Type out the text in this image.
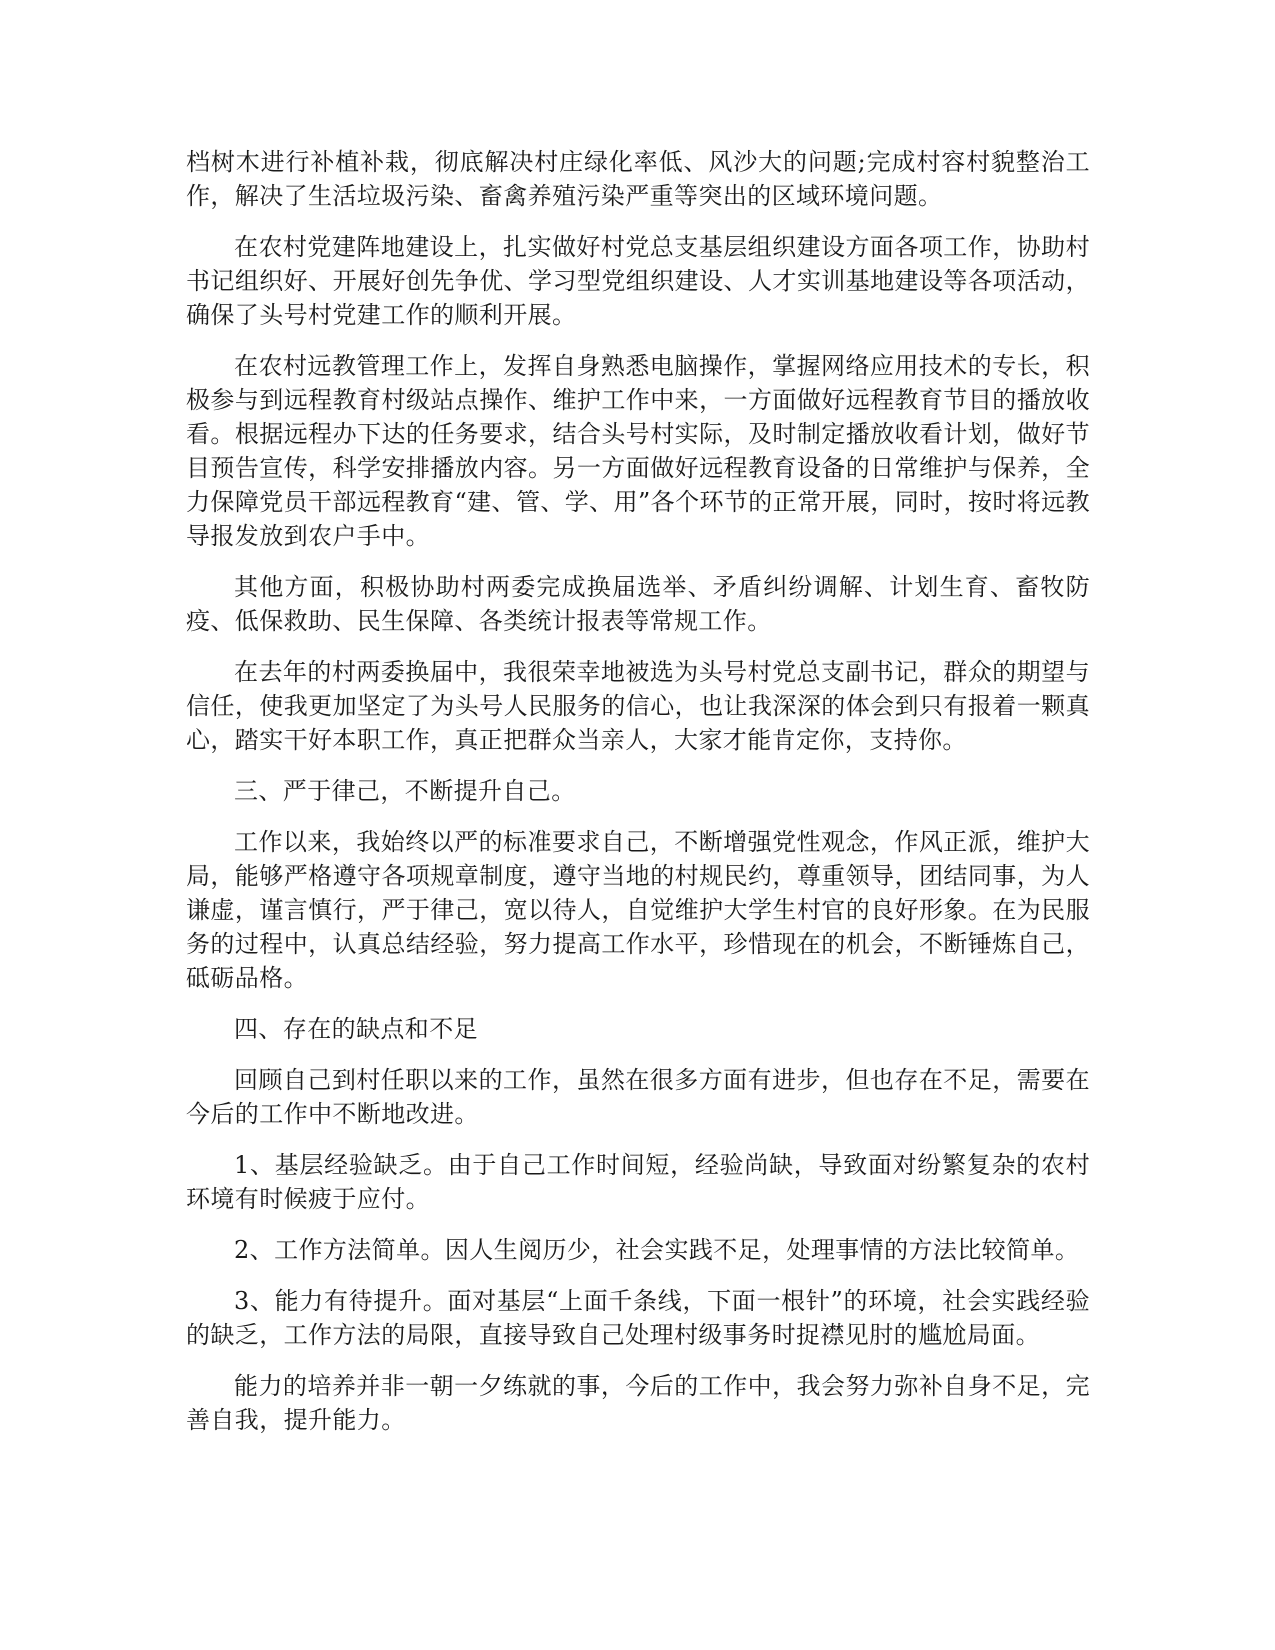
档树木进行补植补栽，彻底解决村庄绿化率低、风沙大的问题;完成村容村貌整治工作，解决了生活垃圾污染、畜禽养殖污染严重等突出的区域环境问题。

在农村党建阵地建设上，扎实做好村党总支基层组织建设方面各项工作，协助村书记组织好、开展好创先争优、学习型党组织建设、人才实训基地建设等各项活动，确保了头号村党建工作的顺利开展。

在农村远教管理工作上，发挥自身熟悉电脑操作，掌握网络应用技术的专长，积极参与到远程教育村级站点操作、维护工作中来，一方面做好远程教育节目的播放收看。根据远程办下达的任务要求，结合头号村实际，及时制定播放收看计划，做好节目预告宣传，科学安排播放内容。另一方面做好远程教育设备的日常维护与保养，全力保障党员干部远程教育“建、管、学、用”各个环节的正常开展，同时，按时将远教导报发放到农户手中。

其他方面，积极协助村两委完成换届选举、矛盾纠纷调解、计划生育、畜牧防疫、低保救助、民生保障、各类统计报表等常规工作。

在去年的村两委换届中，我很荣幸地被选为头号村党总支副书记，群众的期望与信任，使我更加坚定了为头号人民服务的信心，也让我深深的体会到只有报着一颗真心，踏实干好本职工作，真正把群众当亲人，大家才能肯定你，支持你。

三、严于律己，不断提升自己。

工作以来，我始终以严的标准要求自己，不断增强党性观念，作风正派，维护大局，能够严格遵守各项规章制度，遵守当地的村规民约，尊重领导，团结同事，为人谦虚，谨言慎行，严于律己，宽以待人，自觉维护大学生村官的良好形象。在为民服务的过程中，认真总结经验，努力提高工作水平，珍惜现在的机会，不断锤炼自己，砥砺品格。

四、存在的缺点和不足

回顾自己到村任职以来的工作，虽然在很多方面有进步，但也存在不足，需要在今后的工作中不断地改进。

1、基层经验缺乏。由于自己工作时间短，经验尚缺，导致面对纷繁复杂的农村环境有时候疲于应付。

2、工作方法简单。因人生阅历少，社会实践不足，处理事情的方法比较简单。

3、能力有待提升。面对基层“上面千条线，下面一根针”的环境，社会实践经验的缺乏，工作方法的局限，直接导致自己处理村级事务时捉襟见肘的尴尬局面。

能力的培养并非一朝一夕练就的事，今后的工作中，我会努力弥补自身不足，完善自我，提升能力。
